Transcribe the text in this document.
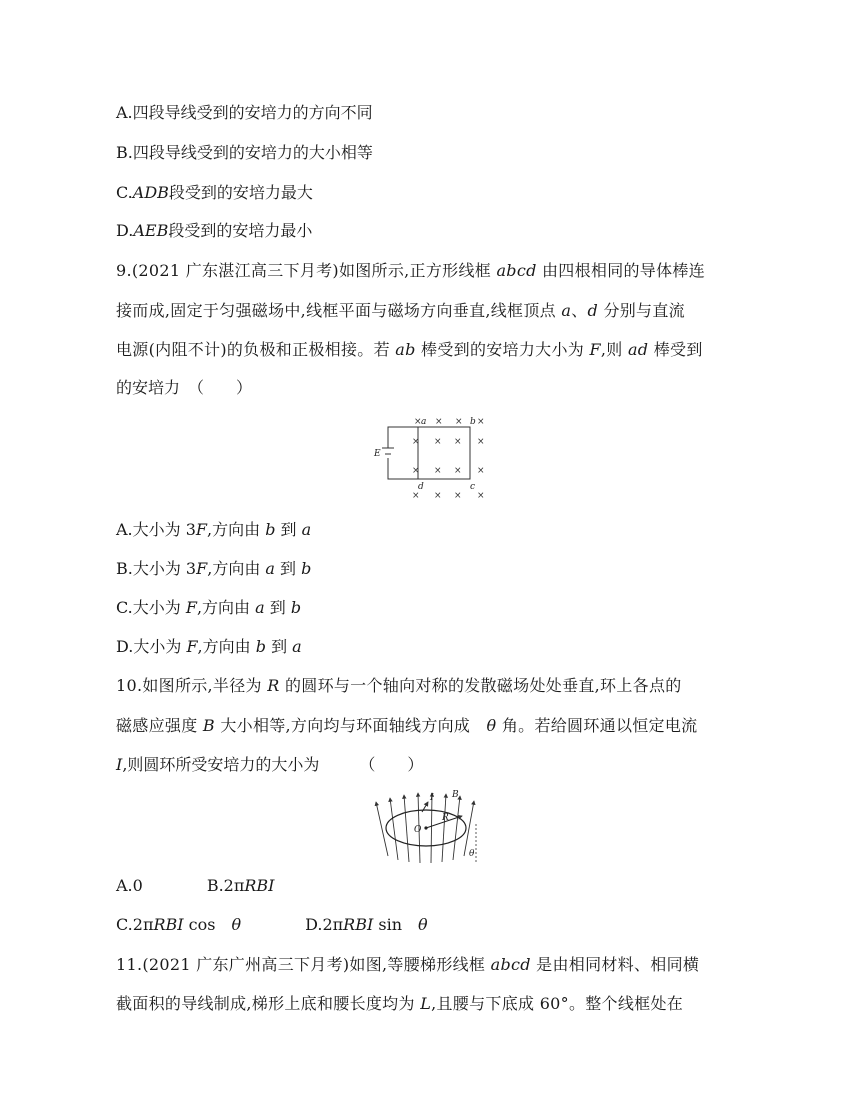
A.四段导线受到的安培力的方向不同
B.四段导线受到的安培力的大小相等
C.ADB段受到的安培力最大
D.AEB段受到的安培力最小
9.(2021 广东湛江高三下月考)如图所示,正方形线框 abcd 由四根相同的导体棒连
接而成,固定于匀强磁场中,线框平面与磁场方向垂直,线框顶点 a、d 分别与直流
电源(内阻不计)的负极和正极相接。若 ab 棒受到的安培力大小为 F,则 ad 棒受到
的安培力　（　　）
× × × ×
× × × ×
× × × ×
× × × ×
a	b
c
d
E
A.大小为 3F,方向由 b 到 a
B.大小为 3F,方向由 a 到 b
C.大小为 F,方向由 a 到 b
D.大小为 F,方向由 b 到 a
10.如图所示,半径为 R 的圆环与一个轴向对称的发散磁场处处垂直,环上各点的
磁感应强度 B 大小相等,方向均与环面轴线方向成　θ 角。若给圆环通以恒定电流
I,则圆环所受安培力的大小为　　　（　　）
O
R
B
I
θ
A.0　　　　B.2πRBI
C.2πRBI cos　θ　　　　D.2πRBI sin　θ
11.(2021 广东广州高三下月考)如图,等腰梯形线框 abcd 是由相同材料、相同横
截面积的导线制成,梯形上底和腰长度均为 L,且腰与下底成 60°。整个线框处在
